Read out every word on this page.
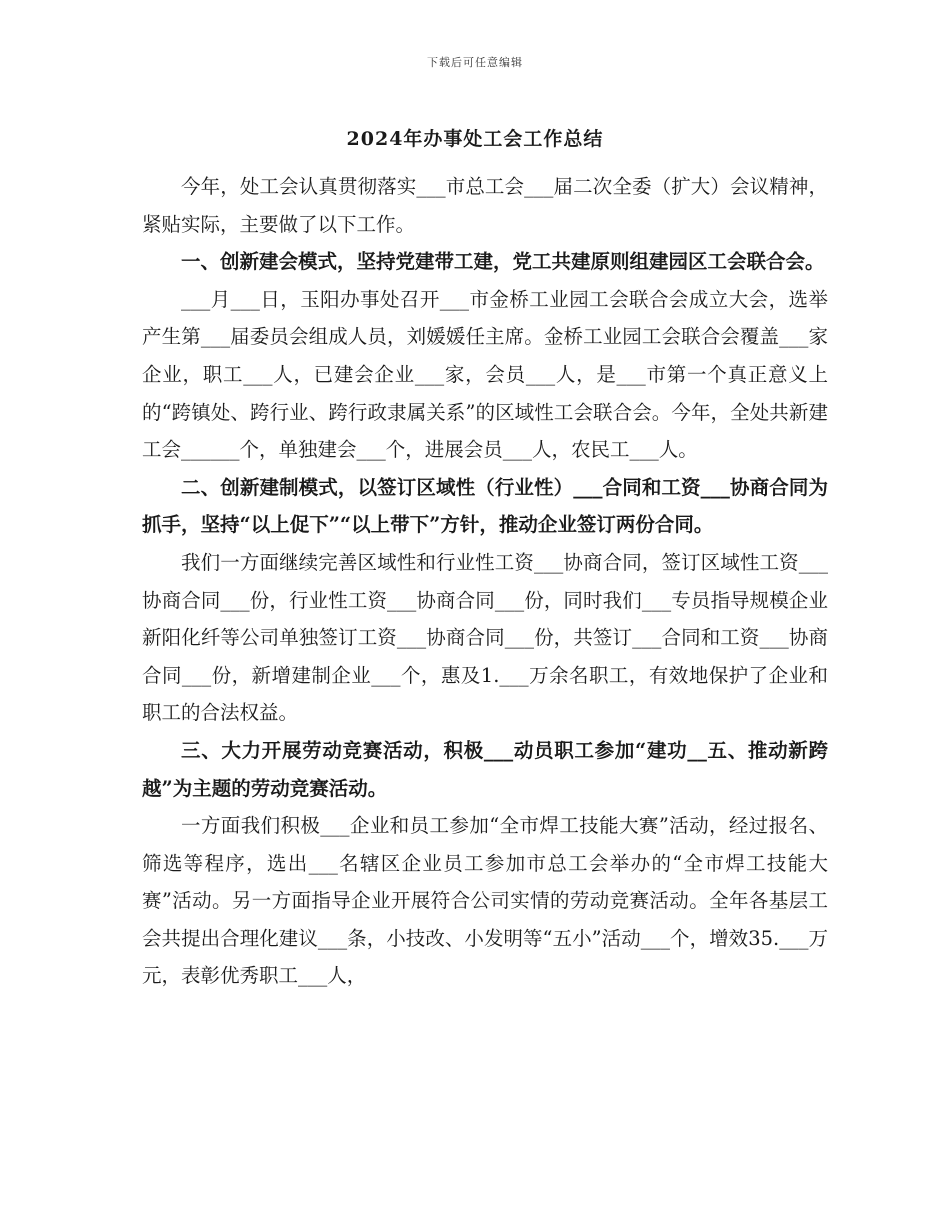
下载后可任意编辑
2024年办事处工会工作总结

今年，处工会认真贯彻落实___市总工会___届二次全委（扩大）会议精神，紧贴实际，主要做了以下工作。

一、创新建会模式，坚持党建带工建，党工共建原则组建园区工会联合会。

___月___日，玉阳办事处召开___市金桥工业园工会联合会成立大会，选举产生第___届委员会组成人员，刘媛媛任主席。金桥工业园工会联合会覆盖___家企业，职工___人，已建会企业___家，会员___人，是___市第一个真正意义上的“跨镇处、跨行业、跨行政隶属关系”的区域性工会联合会。今年，全处共新建工会______个，单独建会___个，进展会员___人，农民工___人。

二、创新建制模式，以签订区域性（行业性）___合同和工资___协商合同为抓手，坚持“以上促下”“以上带下”方针，推动企业签订两份合同。

我们一方面继续完善区域性和行业性工资___协商合同，签订区域性工资___协商合同___份，行业性工资___协商合同___份，同时我们___专员指导规模企业新阳化纤等公司单独签订工资___协商合同___份，共签订___合同和工资___协商合同___份，新增建制企业___个，惠及1.___万余名职工，有效地保护了企业和职工的合法权益。

三、大力开展劳动竞赛活动，积极___动员职工参加“建功__五、推动新跨越”为主题的劳动竞赛活动。

一方面我们积极___企业和员工参加“全市焊工技能大赛”活动，经过报名、筛选等程序，选出___名辖区企业员工参加市总工会举办的“全市焊工技能大赛”活动。另一方面指导企业开展符合公司实情的劳动竞赛活动。全年各基层工会共提出合理化建议___条，小技改、小发明等“五小”活动___个，增效35.___万元，表彰优秀职工___人，
